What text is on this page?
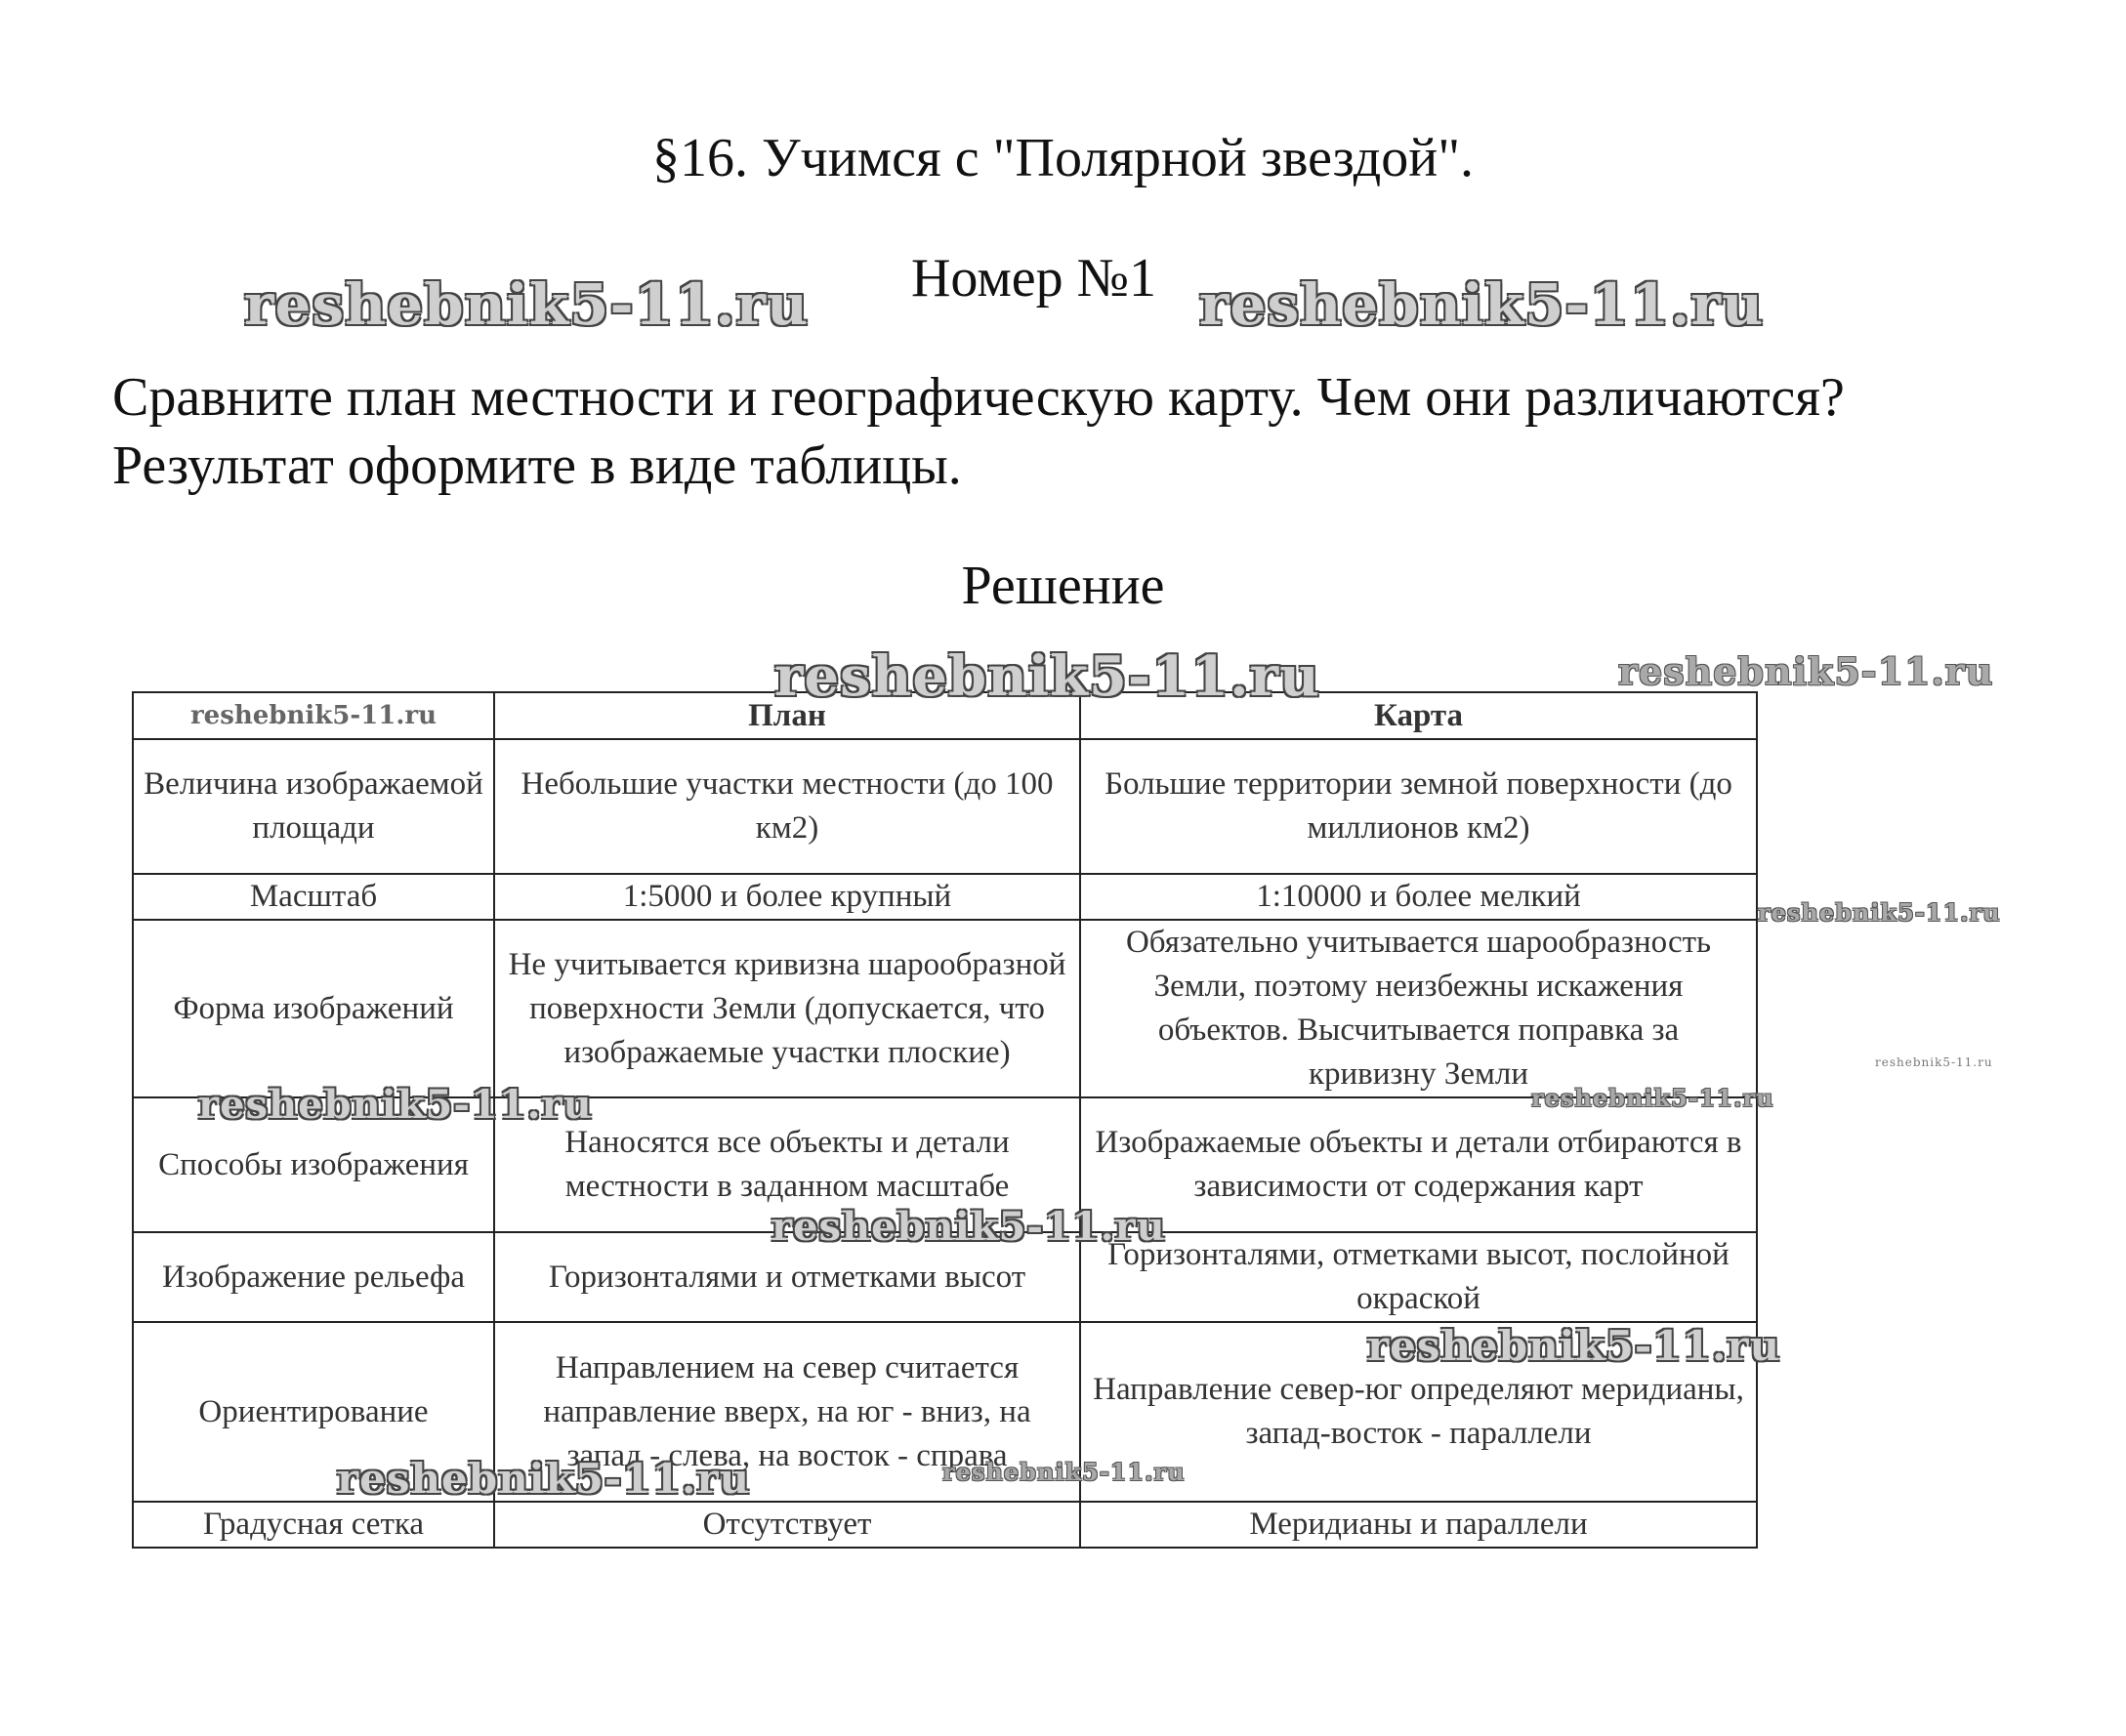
§16. Учимся с "Полярной звездой".
Номер №1
Сравните план местности и географическую карту. Чем они различаются?
Результат оформите в виде таблицы.
Решение
reshebnik5-11.ru	План	Карта
Величина изображаемой площади	Небольшие участки местности (до 100 км2)	Большие территории земной поверхности (до миллионов км2)
Масштаб	1:5000 и более крупный	1:10000 и более мелкий
Форма изображений	Не учитывается кривизна шарообразной поверхности Земли (допускается, что изображаемые участки плоские)	Обязательно учитывается шарообразность Земли, поэтому неизбежны искажения объектов. Высчитывается поправка за кривизну Земли
Способы изображения	Наносятся все объекты и детали местности в заданном масштабе	Изображаемые объекты и детали отбираются в зависимости от содержания карт
Изображение рельефа	Горизонталями и отметками высот	Горизонталями, отметками высот, послойной окраской
Ориентирование	Направлением на север считается направление вверх, на юг - вниз, на запад - слева, на восток - справа	Направление север-юг определяют меридианы, запад-восток - параллели
Градусная сетка	Отсутствует	Меридианы и параллели
reshebnik5-11.ru	reshebnik5-11.ru
reshebnik5-11.ru	reshebnik5-11.ru
reshebnik5-11.ru
reshebnik5-11.ru
reshebnik5-11.ru	reshebnik5-11.ru
reshebnik5-11.ru
reshebnik5-11.ru
reshebnik5-11.ru	reshebnik5-11.ru
